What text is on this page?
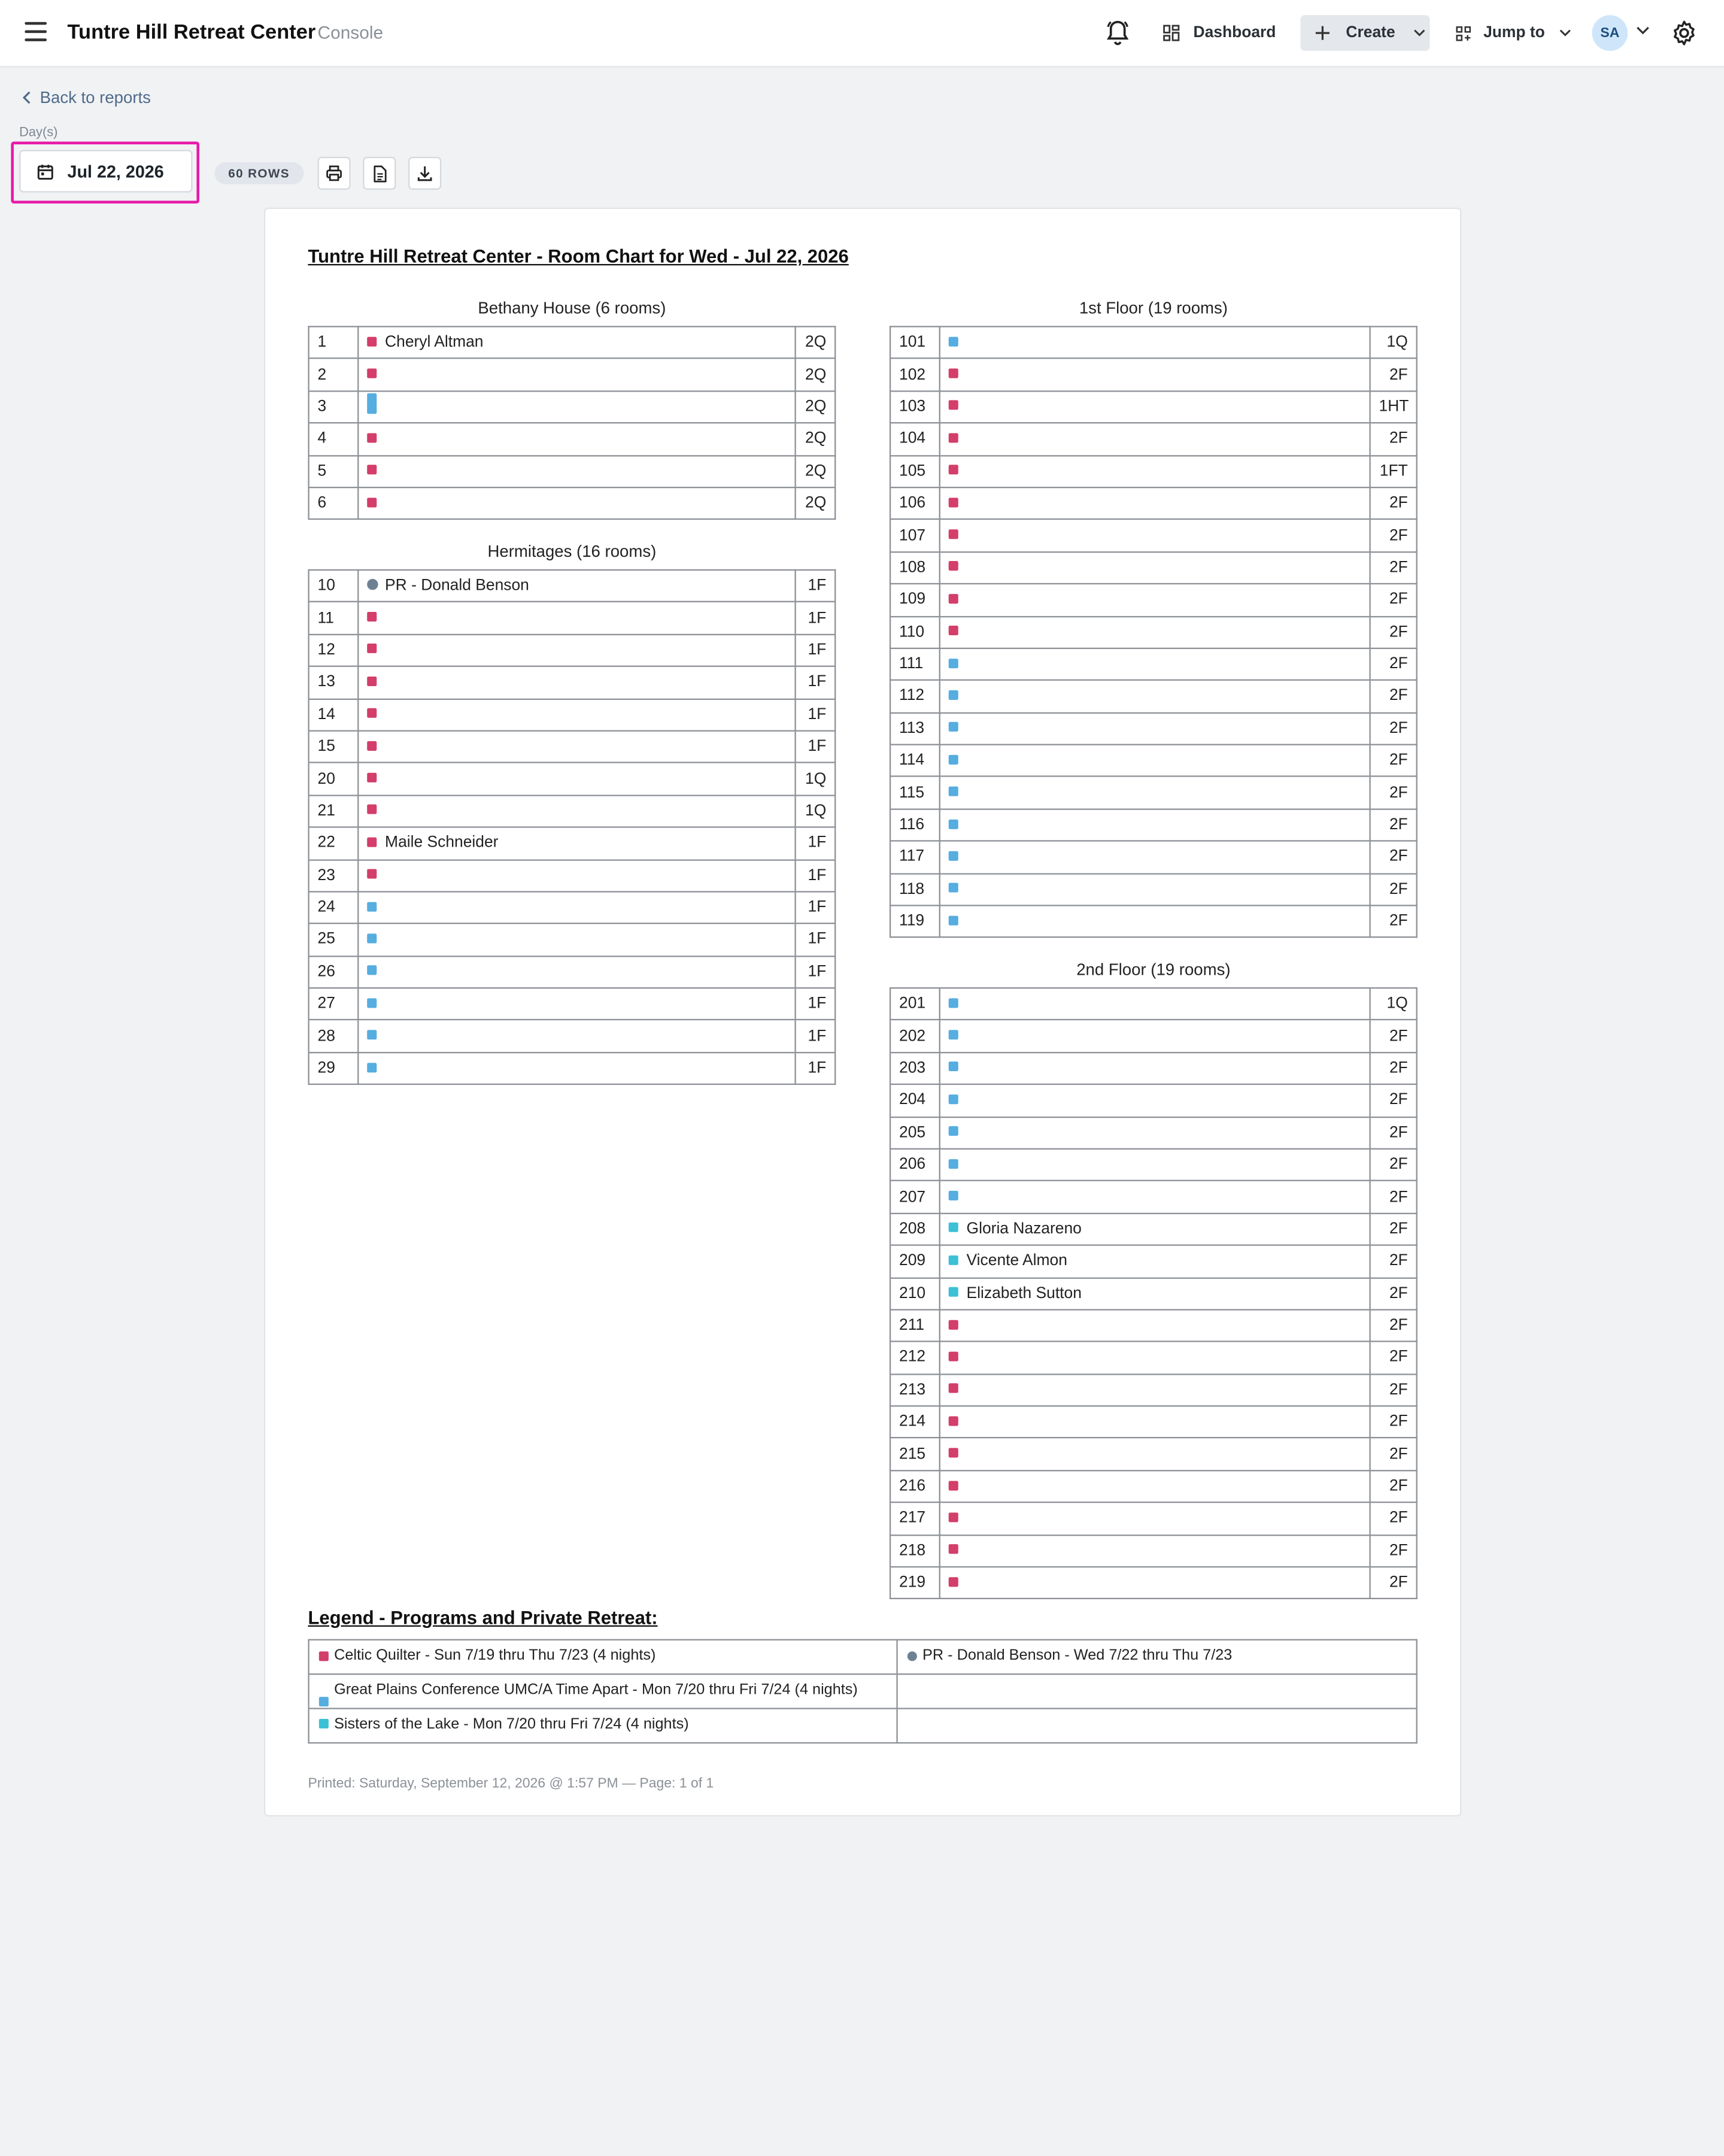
Tuntre Hill Retreat Center Console	Dashboard	Create	Jump to	SA
Back to reports
Day(s)
Jul 22, 2026	60 ROWS
Tuntre Hill Retreat Center - Room Chart for Wed - Jul 22, 2026
Bethany House (6 rooms)
1	Cheryl Altman	2Q
2		2Q
3		2Q
4		2Q
5		2Q
6		2Q
Hermitages (16 rooms)
10	PR - Donald Benson	1F
11		1F
12		1F
13		1F
14		1F
15		1F
20		1Q
21		1Q
22	Maile Schneider	1F
23		1F
24		1F
25		1F
26		1F
27		1F
28		1F
29		1F
1st Floor (19 rooms)
101		1Q
102		2F
103		1HT
104		2F
105		1FT
106		2F
107		2F
108		2F
109		2F
110		2F
111		2F
112		2F
113		2F
114		2F
115		2F
116		2F
117		2F
118		2F
119		2F
2nd Floor (19 rooms)
201		1Q
202		2F
203		2F
204		2F
205		2F
206		2F
207		2F
208	Gloria Nazareno	2F
209	Vicente Almon	2F
210	Elizabeth Sutton	2F
211		2F
212		2F
213		2F
214		2F
215		2F
216		2F
217		2F
218		2F
219		2F
Legend - Programs and Private Retreat:
Celtic Quilter - Sun 7/19 thru Thu 7/23 (4 nights)	PR - Donald Benson - Wed 7/22 thru Thu 7/23

Great Plains Conference UMC/A Time Apart - Mon 7/20 thru Fri 7/24 (4 nights)	

Sisters of the Lake - Mon 7/20 thru Fri 7/24 (4 nights)	
Printed: Saturday, September 12, 2026 @ 1:57 PM — Page: 1 of 1
